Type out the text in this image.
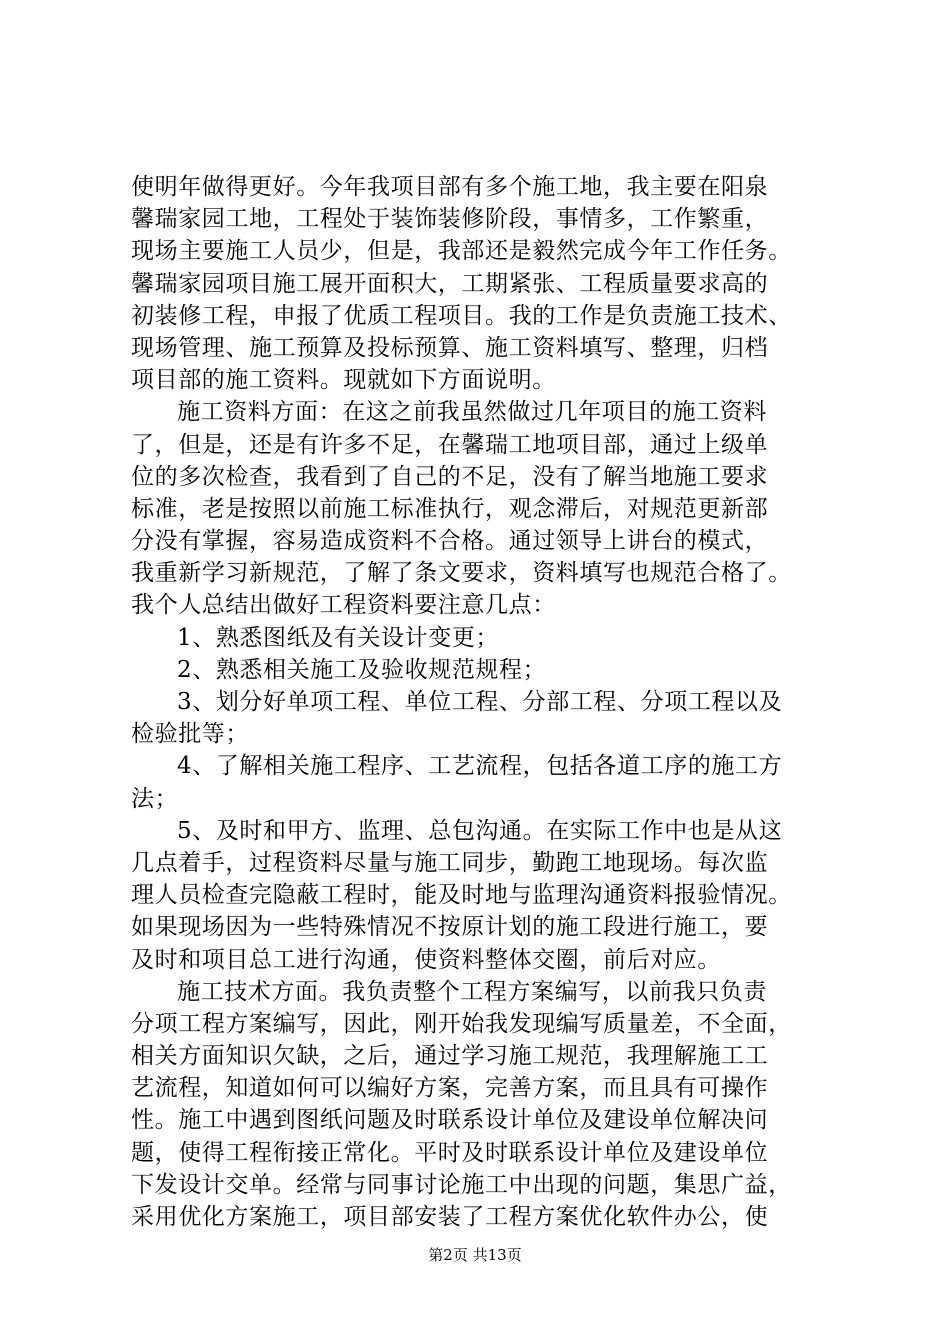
使明年做得更好。今年我项目部有多个施工地，我主要在阳泉
馨瑞家园工地，工程处于装饰装修阶段，事情多，工作繁重，
现场主要施工人员少，但是，我部还是毅然完成今年工作任务。
馨瑞家园项目施工展开面积大，工期紧张、工程质量要求高的
初装修工程，申报了优质工程项目。我的工作是负责施工技术、
现场管理、施工预算及投标预算、施工资料填写、整理，归档
项目部的施工资料。现就如下方面说明。
施工资料方面：在这之前我虽然做过几年项目的施工资料
了，但是，还是有许多不足，在馨瑞工地项目部，通过上级单
位的多次检查，我看到了自己的不足，没有了解当地施工要求
标准，老是按照以前施工标准执行，观念滞后，对规范更新部
分没有掌握，容易造成资料不合格。通过领导上讲台的模式，
我重新学习新规范，了解了条文要求，资料填写也规范合格了。
我个人总结出做好工程资料要注意几点：
1、熟悉图纸及有关设计变更；
2、熟悉相关施工及验收规范规程；
3、划分好单项工程、单位工程、分部工程、分项工程以及
检验批等；
4、了解相关施工程序、工艺流程，包括各道工序的施工方
法；
5、及时和甲方、监理、总包沟通。在实际工作中也是从这
几点着手，过程资料尽量与施工同步，勤跑工地现场。每次监
理人员检查完隐蔽工程时，能及时地与监理沟通资料报验情况。
如果现场因为一些特殊情况不按原计划的施工段进行施工，要
及时和项目总工进行沟通，使资料整体交圈，前后对应。
施工技术方面。我负责整个工程方案编写，以前我只负责
分项工程方案编写，因此，刚开始我发现编写质量差，不全面，
相关方面知识欠缺，之后，通过学习施工规范，我理解施工工
艺流程，知道如何可以编好方案，完善方案，而且具有可操作
性。施工中遇到图纸问题及时联系设计单位及建设单位解决问
题，使得工程衔接正常化。平时及时联系设计单位及建设单位
下发设计交单。经常与同事讨论施工中出现的问题，集思广益，
采用优化方案施工，项目部安装了工程方案优化软件办公，使
第2页 共13页
